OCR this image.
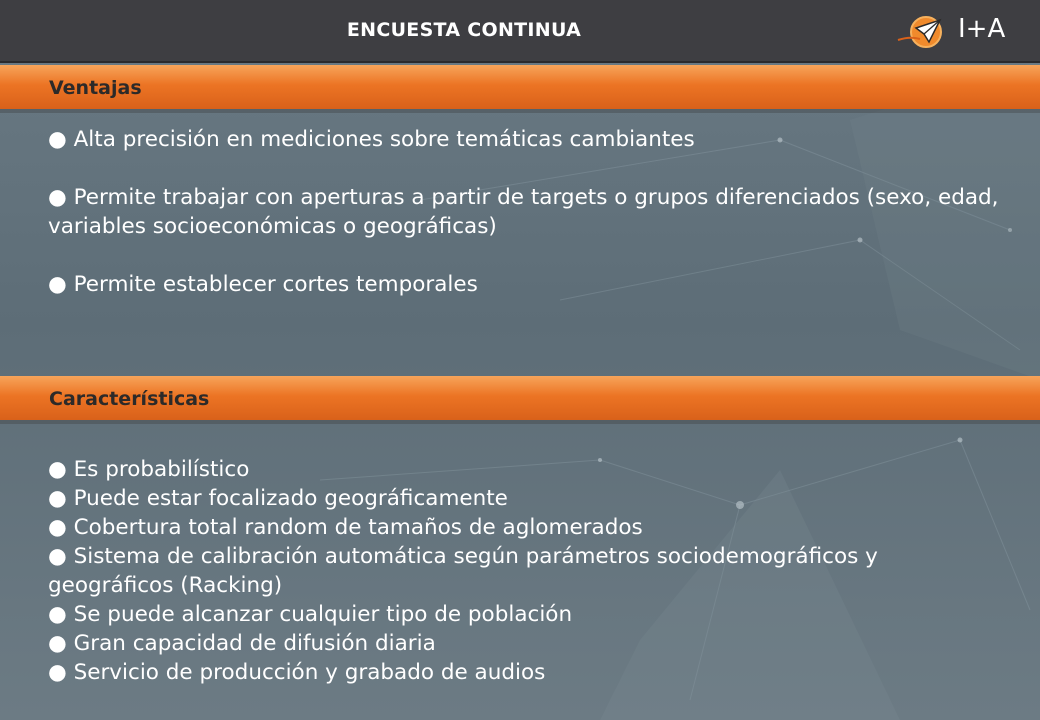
ENCUESTA CONTINUA	I+A
Ventajas

● Alta precisión en mediciones sobre temáticas cambiantes

● Permite trabajar con aperturas a partir de targets o grupos diferenciados (sexo, edad, variables socioeconómicas o geográficas)

● Permite establecer cortes temporales

Características

● Es probabilístico

● Puede estar focalizado geográficamente

● Cobertura total random de tamaños de aglomerados

● Sistema de calibración automática según parámetros sociodemográficos y geográficos (Racking)

● Se puede alcanzar cualquier tipo de población

● Gran capacidad de difusión diaria

● Servicio de producción y grabado de audios
